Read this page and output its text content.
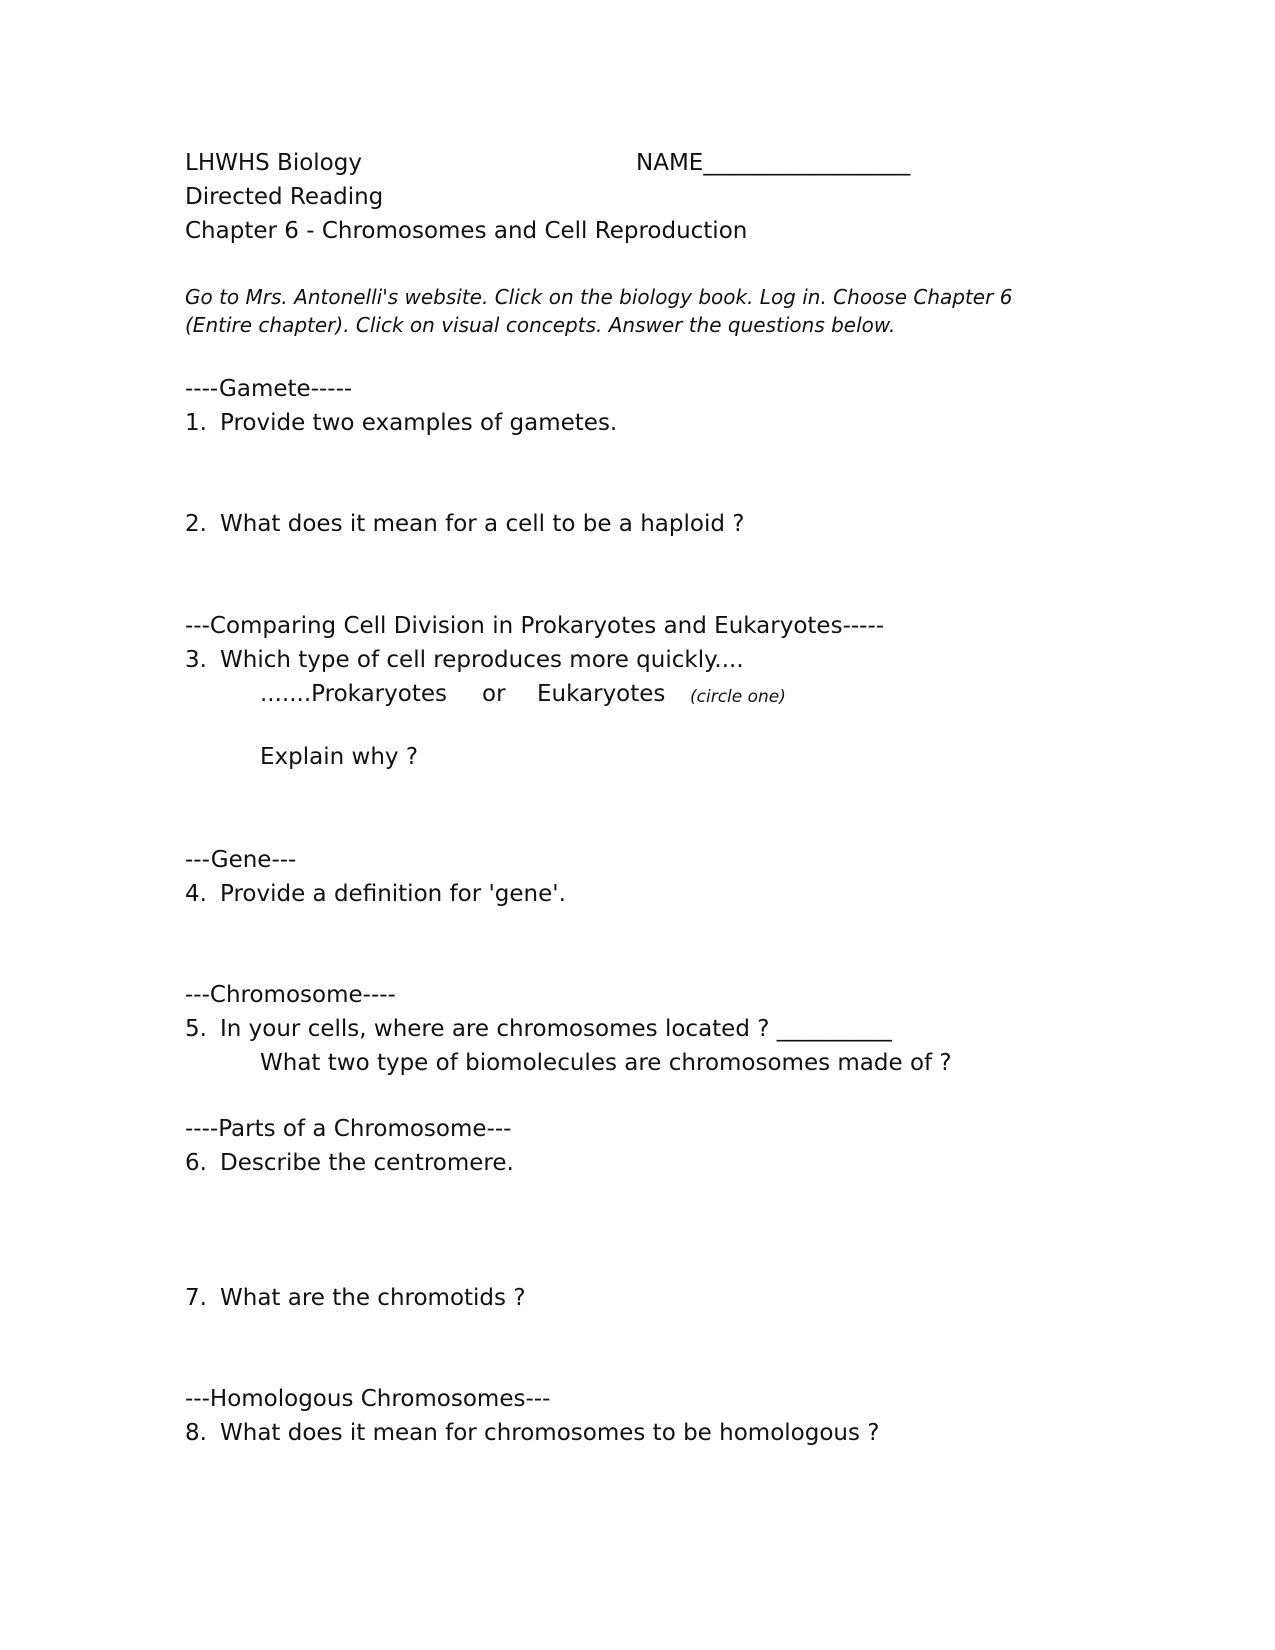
LHWHS Biology	NAME__________________
Directed Reading
Chapter 6 - Chromosomes and Cell Reproduction
Go to Mrs. Antonelli's website. Click on the biology book. Log in. Choose Chapter 6
(Entire chapter). Click on visual concepts. Answer the questions below.
----Gamete-----
1. Provide two examples of gametes.
2. What does it mean for a cell to be a haploid ?
---Comparing Cell Division in Prokaryotes and Eukaryotes-----
3. Which type of cell reproduces more quickly....
.......Prokaryotes or Eukaryotes (circle one)
Explain why ?
---Gene---
4. Provide a definition for 'gene'.
---Chromosome----
5. In your cells, where are chromosomes located ? __________
What two type of biomolecules are chromosomes made of ?
----Parts of a Chromosome---
6. Describe the centromere.
7. What are the chromotids ?
---Homologous Chromosomes---
8. What does it mean for chromosomes to be homologous ?
